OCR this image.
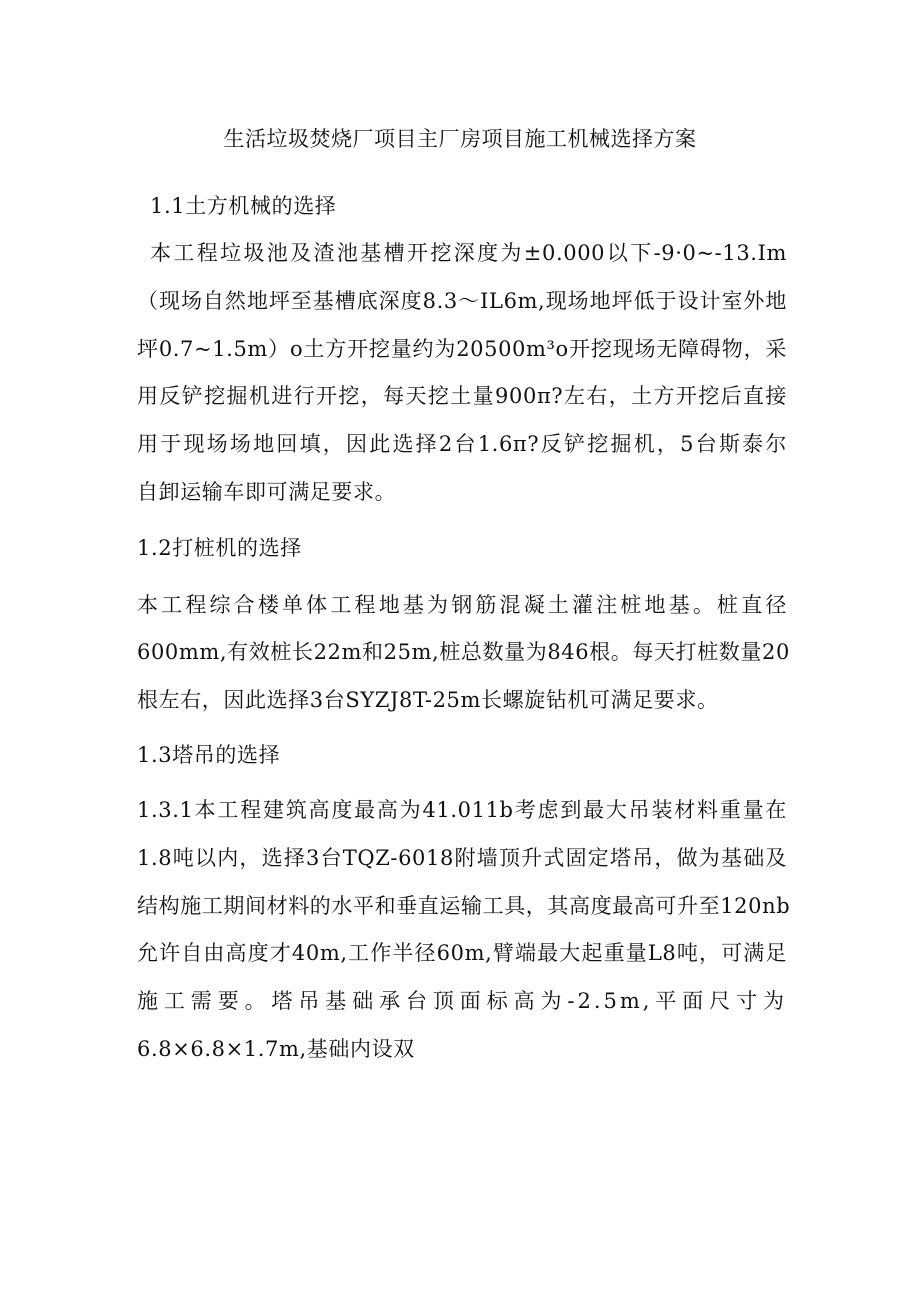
生活垃圾焚烧厂项目主厂房项目施工机械选择方案
1.1土方机械的选择
本工程垃圾池及渣池基槽开挖深度为±0.000以下-9·0~-13.Im
（现场自然地坪至基槽底深度8.3～IL6m,现场地坪低于设计室外地
坪0.7~1.5m）o土方开挖量约为20500m³o开挖现场无障碍物，采
用反铲挖掘机进行开挖，每天挖土量900π?左右，土方开挖后直接
用于现场场地回填，因此选择2台1.6π?反铲挖掘机，5台斯泰尔
自卸运输车即可满足要求。
1.2打桩机的选择
本工程综合楼单体工程地基为钢筋混凝土灌注桩地基。桩直径
600mm,有效桩长22m和25m,桩总数量为846根。每天打桩数量20
根左右，因此选择3台SYZJ8T-25m长螺旋钻机可满足要求。
1.3塔吊的选择
1.3.1本工程建筑高度最高为41.011b考虑到最大吊装材料重量在
1.8吨以内，选择3台TQZ-6018附墙顶升式固定塔吊，做为基础及
结构施工期间材料的水平和垂直运输工具，其高度最高可升至120nb
允许自由高度才40m,工作半径60m,臂端最大起重量L8吨，可满足
施工需要。塔吊基础承台顶面标高为-2.5m,平面尺寸为
6.8×6.8×1.7m,基础内设双
